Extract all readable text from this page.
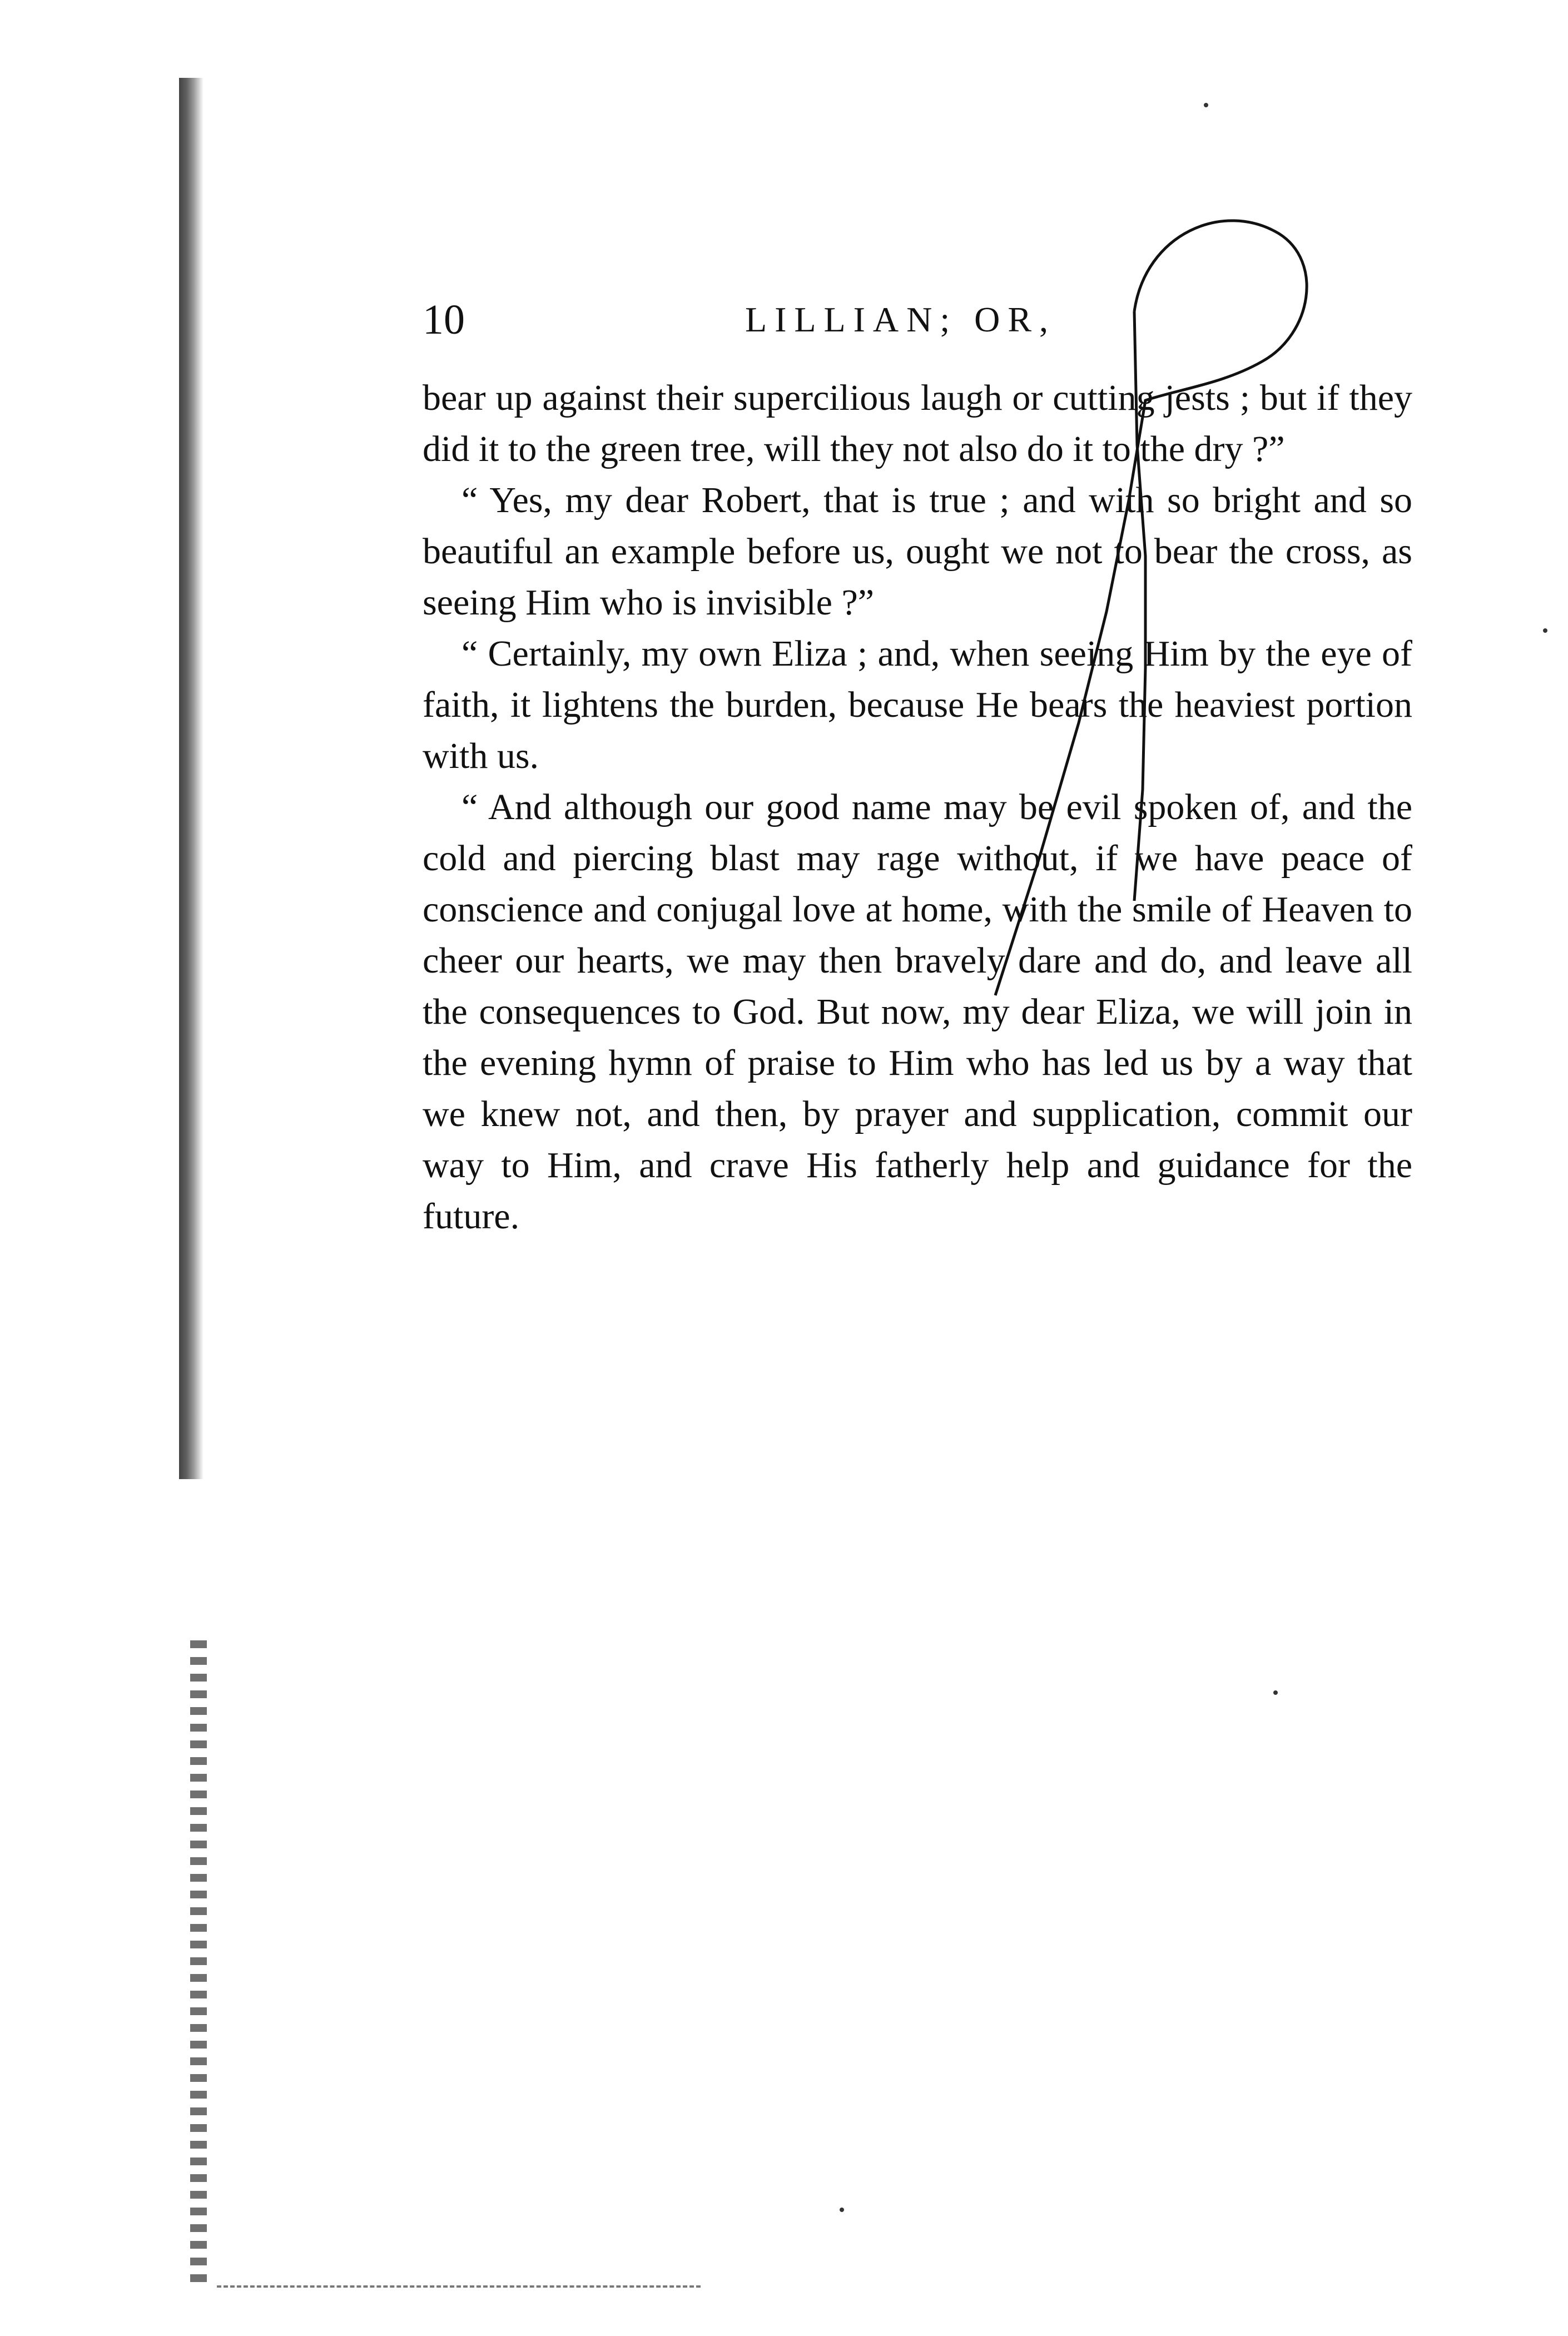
10	LILLIAN; OR,

bear up against their supercilious laugh or cutting jests ; but if they did it to the green tree, will they not also do it to the dry ?”

“ Yes, my dear Robert, that is true ; and with so bright and so beautiful an example before us, ought we not to bear the cross, as seeing Him who is invisible ?”

“ Certainly, my own Eliza ; and, when seeing Him by the eye of faith, it lightens the burden, because He bears the heaviest portion with us.

“ And although our good name may be evil spoken of, and the cold and piercing blast may rage without, if we have peace of conscience and conjugal love at home, with the smile of Heaven to cheer our hearts, we may then bravely dare and do, and leave all the consequences to God. But now, my dear Eliza, we will join in the evening hymn of praise to Him who has led us by a way that we knew not, and then, by prayer and supplication, commit our way to Him, and crave His fatherly help and guidance for the future.
